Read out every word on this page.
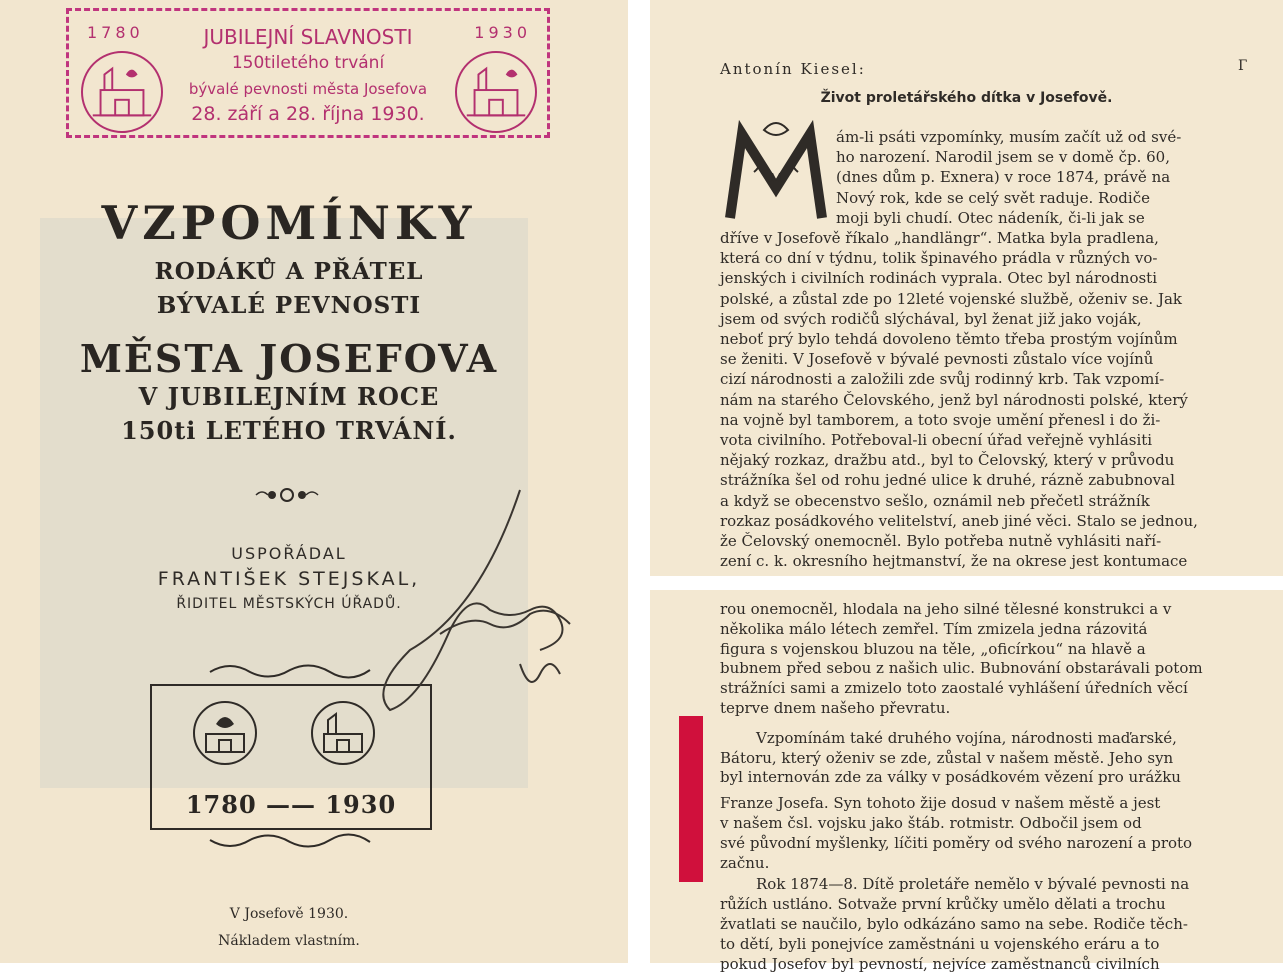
1780	1930
JUBILEJNÍ SLAVNOSTI
150tiletého trvání
bývalé pevnosti města Josefova
28. září a 28. října 1930.
VZPOMÍNKY
RODÁKŮ A PŘÁTEL
BÝVALÉ PEVNOSTI
MĚSTA JOSEFOVA
V JUBILEJNÍM ROCE
150ti LETÉHO TRVÁNÍ.
USPOŘÁDAL
FRANTIŠEK STEJSKAL,
ŘIDITEL MĚSTSKÝCH ÚŘADŮ.
1780 —— 1930
V Josefově 1930.
Nákladem vlastním.
Antonín Kiesel:	Г
Život proletářského dítka v Josefově.
M
ám-li psáti vzpomínky, musím začít už od své-
ho narození. Narodil jsem se v domě čp. 60,
(dnes dům p. Exnera) v roce 1874, právě na
Nový rok, kde se celý svět raduje. Rodiče
moji byli chudí. Otec nádeník, či-li jak se
dříve v Josefově říkalo „handlängr“. Matka byla pradlena,
která co dní v týdnu, tolik špinavého prádla v různých vo-
jenských i civilních rodinách vyprala. Otec byl národnosti
polské, a zůstal zde po 12leté vojenské službě, oženiv se. Jak
jsem od svých rodičů slýchával, byl ženat již jako voják,
neboť prý bylo tehdá dovoleno těmto třeba prostým vojínům
se ženiti. V Josefově v bývalé pevnosti zůstalo více vojínů
cizí národnosti a založili zde svůj rodinný krb. Tak vzpomí-
nám na starého Čelovského, jenž byl národnosti polské, který
na vojně byl tamborem, a toto svoje umění přenesl i do ži-
vota civilního. Potřeboval-li obecní úřad veřejně vyhlásiti
nějaký rozkaz, dražbu atd., byl to Čelovský, který v průvodu
strážníka šel od rohu jedné ulice k druhé, rázně zabubnoval
a když se obecenstvo sešlo, oznámil neb přečetl strážník
rozkaz posádkového velitelství, aneb jiné věci. Stalo se jednou,
že Čelovský onemocněl. Bylo potřeba nutně vyhlásiti naří-
zení c. k. okresního hejtmanství, že na okrese jest kontumace
rou onemocněl, hlodala na jeho silné tělesné konstrukci a v
několika málo létech zemřel. Tím zmizela jedna rázovitá
figura s vojenskou bluzou na těle, „oficírkou“ na hlavě a
bubnem před sebou z našich ulic. Bubnování obstarávali potom
strážníci sami a zmizelo toto zaostalé vyhlášení úředních věcí
teprve dnem našeho převratu.
Vzpomínám také druhého vojína, národnosti maďarské,
Bátoru, který oženiv se zde, zůstal v našem městě. Jeho syn
byl internován zde za války v posádkovém vězení pro urážku
Franze Josefa. Syn tohoto žije dosud v našem městě a jest
v našem čsl. vojsku jako štáb. rotmistr. Odbočil jsem od
své původní myšlenky, líčiti poměry od svého narození a proto
začnu.
Rok 1874—8. Dítě proletáře nemělo v bývalé pevnosti na
růžích ustláno. Sotvaže první krůčky umělo dělati a trochu
žvatlati se naučilo, bylo odkázáno samo na sebe. Rodiče těch-
to dětí, byli ponejvíce zaměstnáni u vojenského eráru a to
pokud Josefov byl pevností, nejvíce zaměstnanců civilních
